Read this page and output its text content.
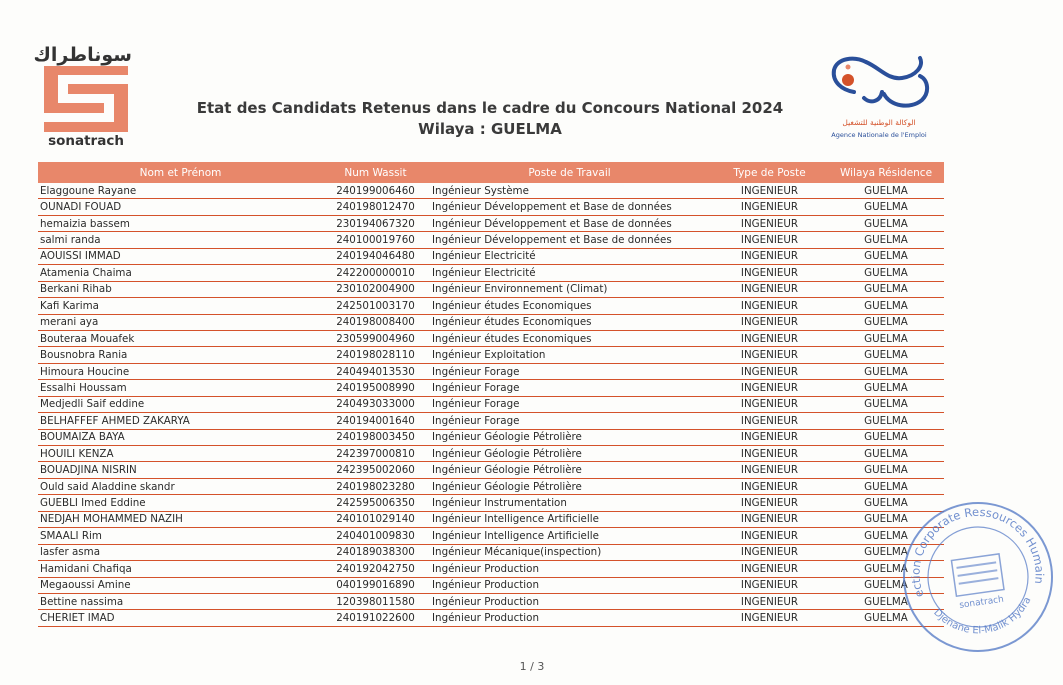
سوناطراك
sonatrach
الوكالة الوطنية للتشغيل
Agence Nationale de l'Emploi
Etat des Candidats Retenus dans le cadre du Concours National 2024
Wilaya : GUELMA
Nom et Prénom	Num Wassit	Poste de Travail	Type de Poste	Wilaya Résidence
Elaggoune Rayane	240199006460	Ingénieur Système	INGENIEUR	GUELMA
OUNADI FOUAD	240198012470	Ingénieur Développement et Base de données	INGENIEUR	GUELMA
hemaizia bassem	230194067320	Ingénieur Développement et Base de données	INGENIEUR	GUELMA
salmi randa	240100019760	Ingénieur Développement et Base de données	INGENIEUR	GUELMA
AOUISSI IMMAD	240194046480	Ingénieur Electricité	INGENIEUR	GUELMA
Atamenia Chaima	242200000010	Ingénieur Electricité	INGENIEUR	GUELMA
Berkani Rihab	230102004900	Ingénieur Environnement (Climat)	INGENIEUR	GUELMA
Kafi Karima	242501003170	Ingénieur études Economiques	INGENIEUR	GUELMA
merani aya	240198008400	Ingénieur études Economiques	INGENIEUR	GUELMA
Bouteraa Mouafek	230599004960	Ingénieur études Economiques	INGENIEUR	GUELMA
Bousnobra Rania	240198028110	Ingénieur Exploitation	INGENIEUR	GUELMA
Himoura Houcine	240494013530	Ingénieur Forage	INGENIEUR	GUELMA
Essalhi Houssam	240195008990	Ingénieur Forage	INGENIEUR	GUELMA
Medjedli Saif eddine	240493033000	Ingénieur Forage	INGENIEUR	GUELMA
BELHAFFEF AHMED ZAKARYA	240194001640	Ingénieur Forage	INGENIEUR	GUELMA
BOUMAIZA BAYA	240198003450	Ingénieur Géologie Pétrolière	INGENIEUR	GUELMA
HOUILI KENZA	242397000810	Ingénieur Géologie Pétrolière	INGENIEUR	GUELMA
BOUADJINA NISRIN	242395002060	Ingénieur Géologie Pétrolière	INGENIEUR	GUELMA
Ould said Aladdine skandr	240198023280	Ingénieur Géologie Pétrolière	INGENIEUR	GUELMA
GUEBLI Imed Eddine	242595006350	Ingénieur Instrumentation	INGENIEUR	GUELMA
NEDJAH MOHAMMED NAZIH	240101029140	Ingénieur Intelligence Artificielle	INGENIEUR	GUELMA
SMAALI Rim	240401009830	Ingénieur Intelligence Artificielle	INGENIEUR	GUELMA
lasfer asma	240189038300	Ingénieur Mécanique(inspection)	INGENIEUR	GUELMA
Hamidani Chafiqa	240192042750	Ingénieur Production	INGENIEUR	GUELMA
Megaoussi Amine	040199016890	Ingénieur Production	INGENIEUR	GUELMA
Bettine nassima	120398011580	Ingénieur Production	INGENIEUR	GUELMA
CHERIET IMAD	240191022600	Ingénieur Production	INGENIEUR	GUELMA
1 / 3
Direction Corporate Ressources Humaines
Djenane El-Malik Hydra
sonatrach
